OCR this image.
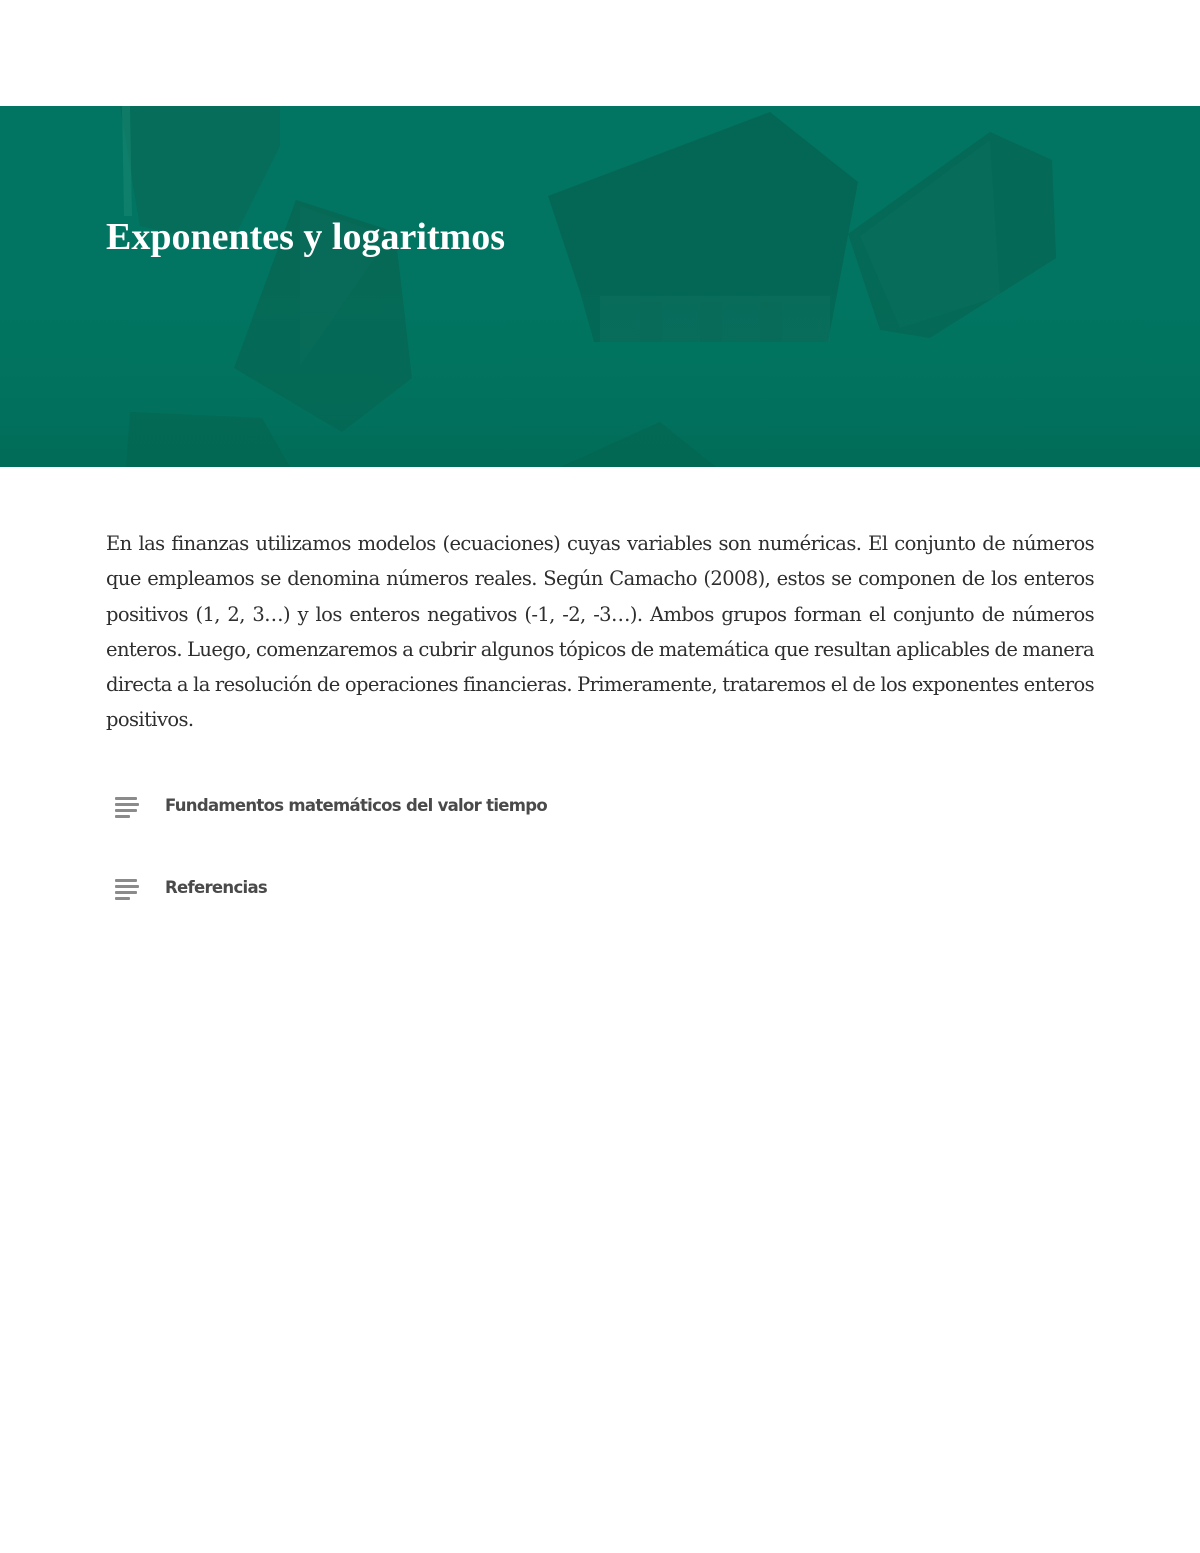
Exponentes y logaritmos

En las finanzas utilizamos modelos (ecuaciones) cuyas variables son numéricas. El conjunto de números que empleamos se denomina números reales. Según Camacho (2008), estos se componen de los enteros positivos (1, 2, 3…) y los enteros negativos (-1, -2, -3…). Ambos grupos forman el conjunto de números enteros. Luego, comenzaremos a cubrir algunos tópicos de matemática que resultan aplicables de manera directa a la resolución de operaciones financieras. Primeramente, trataremos el de los exponentes enteros positivos.

Fundamentos matemáticos del valor tiempo
Referencias
